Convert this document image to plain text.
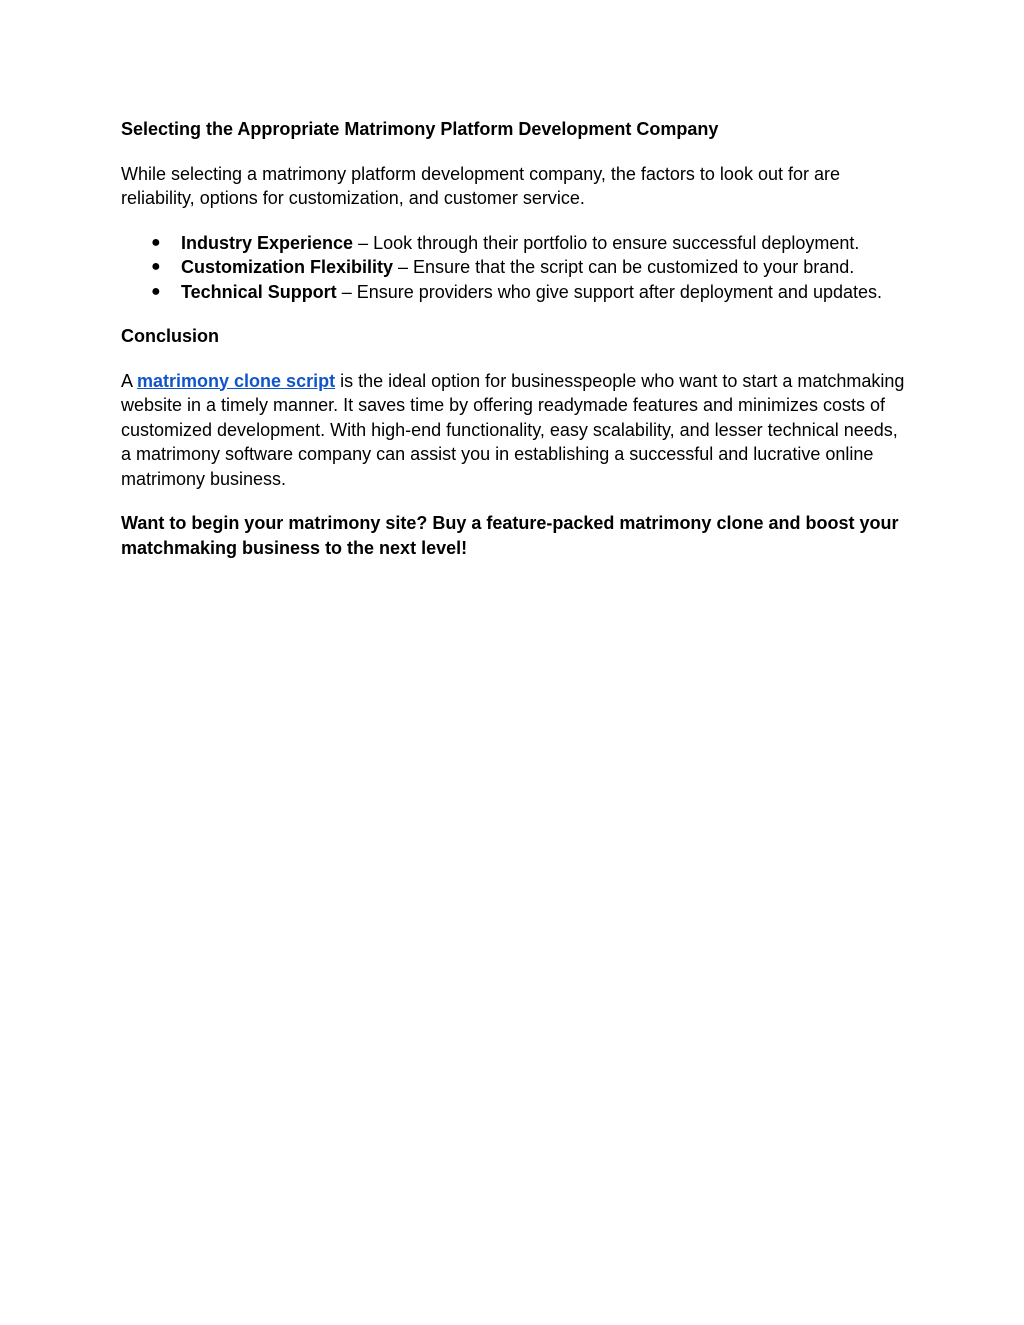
Selecting the Appropriate Matrimony Platform Development Company

While selecting a matrimony platform development company, the factors to look out for are reliability, options for customization, and customer service.

● Industry Experience – Look through their portfolio to ensure successful deployment.
● Customization Flexibility – Ensure that the script can be customized to your brand.
● Technical Support – Ensure providers who give support after deployment and updates.

Conclusion

A matrimony clone script is the ideal option for businesspeople who want to start a matchmaking website in a timely manner. It saves time by offering readymade features and minimizes costs of customized development. With high-end functionality, easy scalability, and lesser technical needs, a matrimony software company can assist you in establishing a successful and lucrative online matrimony business.

Want to begin your matrimony site? Buy a feature-packed matrimony clone and boost your matchmaking business to the next level!
